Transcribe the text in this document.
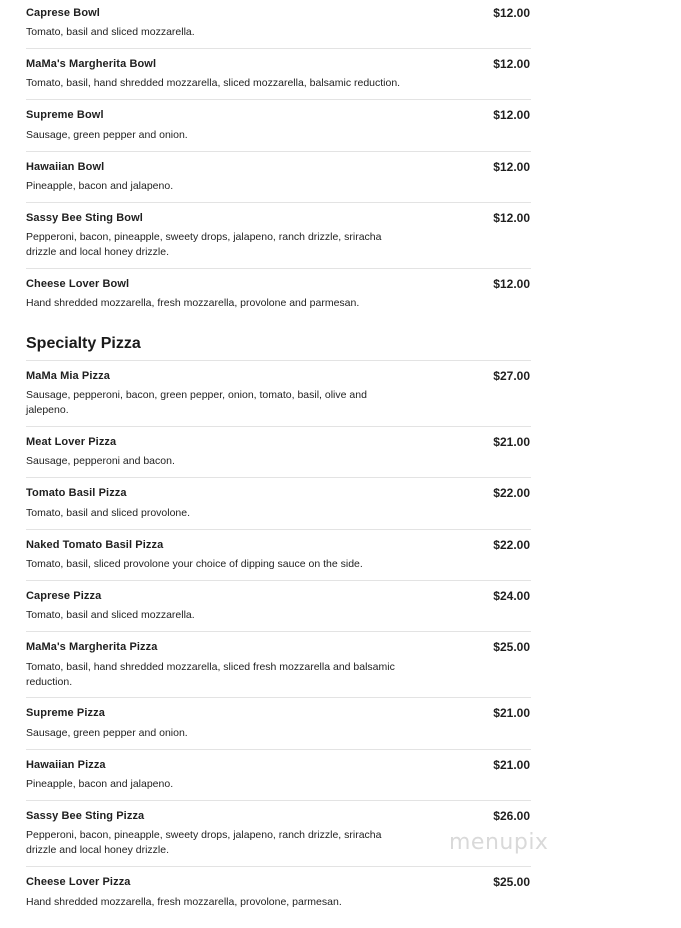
Caprese Bowl	$12.00
Tomato, basil and sliced mozzarella.
MaMa's Margherita Bowl	$12.00
Tomato, basil, hand shredded mozzarella, sliced mozzarella, balsamic reduction.
Supreme Bowl	$12.00
Sausage, green pepper and onion.
Hawaiian Bowl	$12.00
Pineapple, bacon and jalapeno.
Sassy Bee Sting Bowl	$12.00
Pepperoni, bacon, pineapple, sweety drops, jalapeno, ranch drizzle, sriracha drizzle and local honey drizzle.
Cheese Lover Bowl	$12.00
Hand shredded mozzarella, fresh mozzarella, provolone and parmesan.
Specialty Pizza
MaMa Mia Pizza	$27.00
Sausage, pepperoni, bacon, green pepper, onion, tomato, basil, olive and jalepeno.
Meat Lover Pizza	$21.00
Sausage, pepperoni and bacon.
Tomato Basil Pizza	$22.00
Tomato, basil and sliced provolone.
Naked Tomato Basil Pizza	$22.00
Tomato, basil, sliced provolone your choice of dipping sauce on the side.
Caprese Pizza	$24.00
Tomato, basil and sliced mozzarella.
MaMa's Margherita Pizza	$25.00
Tomato, basil, hand shredded mozzarella, sliced fresh mozzarella and balsamic reduction.
Supreme Pizza	$21.00
Sausage, green pepper and onion.
Hawaiian Pizza	$21.00
Pineapple, bacon and jalapeno.
Sassy Bee Sting Pizza	$26.00
Pepperoni, bacon, pineapple, sweety drops, jalapeno, ranch drizzle, sriracha drizzle and local honey drizzle.
Cheese Lover Pizza	$25.00
Hand shredded mozzarella, fresh mozzarella, provolone, parmesan.
menupix
